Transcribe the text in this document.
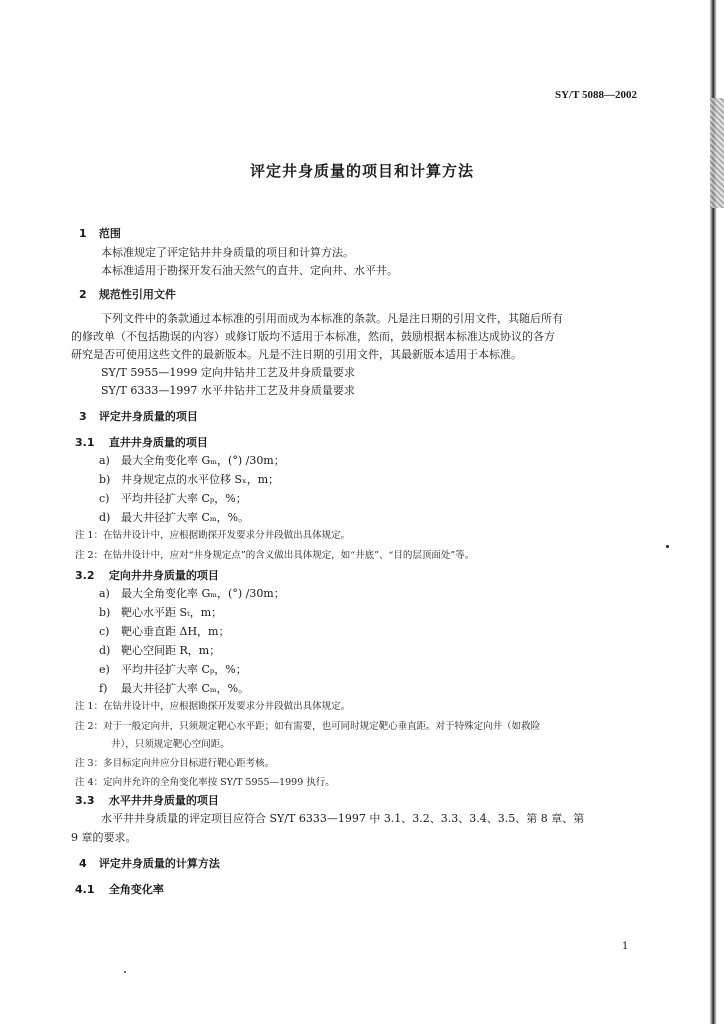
SY/T 5088—2002
评定井身质量的项目和计算方法
1 范围
本标准规定了评定钻井井身质量的项目和计算方法。
本标准适用于勘探开发石油天然气的直井、定向井、水平井。
2 规范性引用文件
下列文件中的条款通过本标准的引用而成为本标准的条款。凡是注日期的引用文件，其随后所有
的修改单（不包括勘误的内容）或修订版均不适用于本标准，然而，鼓励根据本标准达成协议的各方
研究是否可使用这些文件的最新版本。凡是不注日期的引用文件，其最新版本适用于本标准。
SY/T 5955—1999 定向井钻井工艺及井身质量要求
SY/T 6333—1997 水平井钻井工艺及井身质量要求
3 评定井身质量的项目
3.1 直井井身质量的项目
a) 最大全角变化率 Gₘ，(°) /30m；
b) 井身规定点的水平位移 Sₓ，m；
c) 平均井径扩大率 Cₚ，%；
d) 最大井径扩大率 Cₘ，%。
注 1：在钻井设计中，应根据勘探开发要求分井段做出具体规定。
注 2：在钻井设计中，应对“井身规定点”的含义做出具体规定，如“井底”、“目的层顶面处”等。
3.2 定向井井身质量的项目
a) 最大全角变化率 Gₘ，(°) /30m；
b) 靶心水平距 Sₜ，m；
c) 靶心垂直距 ΔH，m；
d) 靶心空间距 R，m；
e) 平均井径扩大率 Cₚ，%；
f) 最大井径扩大率 Cₘ，%。
注 1：在钻井设计中，应根据勘探开发要求分井段做出具体规定。
注 2：对于一般定向井，只须规定靶心水平距；如有需要，也可同时规定靶心垂直距。对于特殊定向井（如救险
井），只须规定靶心空间距。
注 3：多目标定向井应分目标进行靶心距考核。
注 4：定向井允许的全角变化率按 SY/T 5955—1999 执行。
3.3 水平井井身质量的项目
水平井井身质量的评定项目应符合 SY/T 6333—1997 中 3.1、3.2、3.3、3.4、3.5、第 8 章、第
9 章的要求。
4 评定井身质量的计算方法
4.1 全角变化率
1
